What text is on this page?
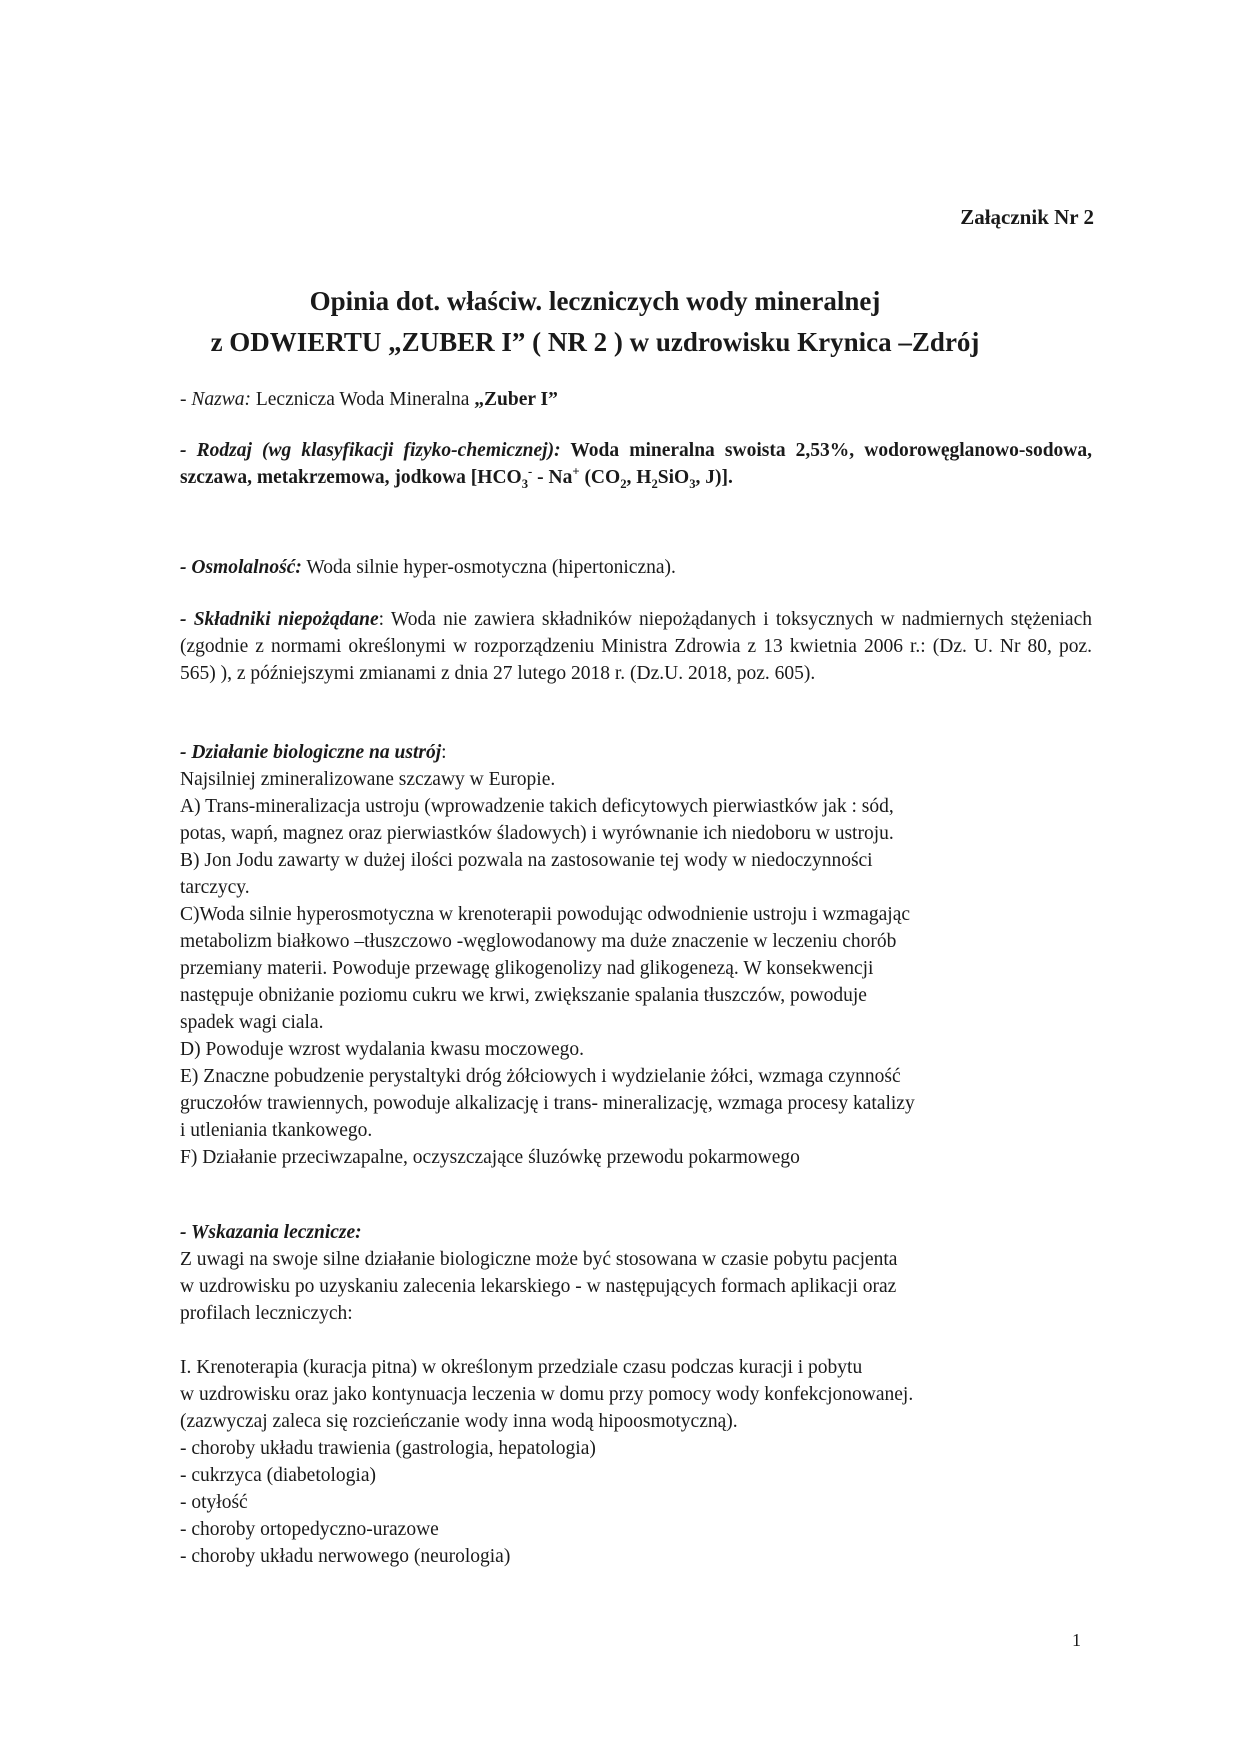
Załącznik Nr 2
Opinia dot. właściw. leczniczych wody mineralnej
z ODWIERTU „ZUBER I” ( NR 2 ) w uzdrowisku Krynica –Zdrój
- Nazwa: Lecznicza Woda Mineralna „Zuber I”
- Rodzaj (wg klasyfikacji fizyko-chemicznej): Woda mineralna swoista 2,53%, wodorowęglanowo-sodowa, szczawa, metakrzemowa, jodkowa [$HCO_3^- - Na^+$ ($CO_2$, $H_2SiO_3$, J)].
- Osmolalność: Woda silnie hyper-osmotyczna (hipertoniczna).
- Składniki niepożądane: Woda nie zawiera składników niepożądanych i toksycznych w nadmiernych stężeniach (zgodnie z normami określonymi w rozporządzeniu Ministra Zdrowia z 13 kwietnia 2006 r.: (Dz. U. Nr 80, poz. 565) ), z późniejszymi zmianami z dnia 27 lutego 2018 r. (Dz.U. 2018, poz. 605).
- Działanie biologiczne na ustrój:
Najsilniej zmineralizowane szczawy w Europie.
A) Trans-mineralizacja ustroju (wprowadzenie takich deficytowych pierwiastków jak : sód,
potas, wapń, magnez oraz pierwiastków śladowych) i wyrównanie ich niedoboru w ustroju.
B) Jon Jodu zawarty w dużej ilości pozwala na zastosowanie tej wody w niedoczynności
tarczycy.
C)Woda silnie hyperosmotyczna w krenoterapii powodując odwodnienie ustroju i wzmagając
metabolizm białkowo –tłuszczowo -węglowodanowy ma duże znaczenie w leczeniu chorób
przemiany materii. Powoduje przewagę glikogenolizy nad glikogenezą. W konsekwencji
następuje obniżanie poziomu cukru we krwi, zwiększanie spalania tłuszczów, powoduje
spadek wagi ciala.
D) Powoduje wzrost wydalania kwasu moczowego.
E) Znaczne pobudzenie perystaltyki dróg żółciowych i wydzielanie żółci, wzmaga czynność
gruczołów trawiennych, powoduje alkalizację i trans- mineralizację, wzmaga procesy katalizy
i utleniania tkankowego.
F) Działanie przeciwzapalne, oczyszczające śluzówkę przewodu pokarmowego
- Wskazania lecznicze:
Z uwagi na swoje silne działanie biologiczne może być stosowana w czasie pobytu pacjenta
w uzdrowisku po uzyskaniu zalecenia lekarskiego - w następujących formach aplikacji oraz
profilach leczniczych:
I. Krenoterapia (kuracja pitna) w określonym przedziale czasu podczas kuracji i pobytu
w uzdrowisku oraz jako kontynuacja leczenia w domu przy pomocy wody konfekcjonowanej.
(zazwyczaj zaleca się rozcieńczanie wody inna wodą hipoosmotyczną).
- choroby układu trawienia (gastrologia, hepatologia)
- cukrzyca (diabetologia)
- otyłość
- choroby ortopedyczno-urazowe
- choroby układu nerwowego (neurologia)
1
